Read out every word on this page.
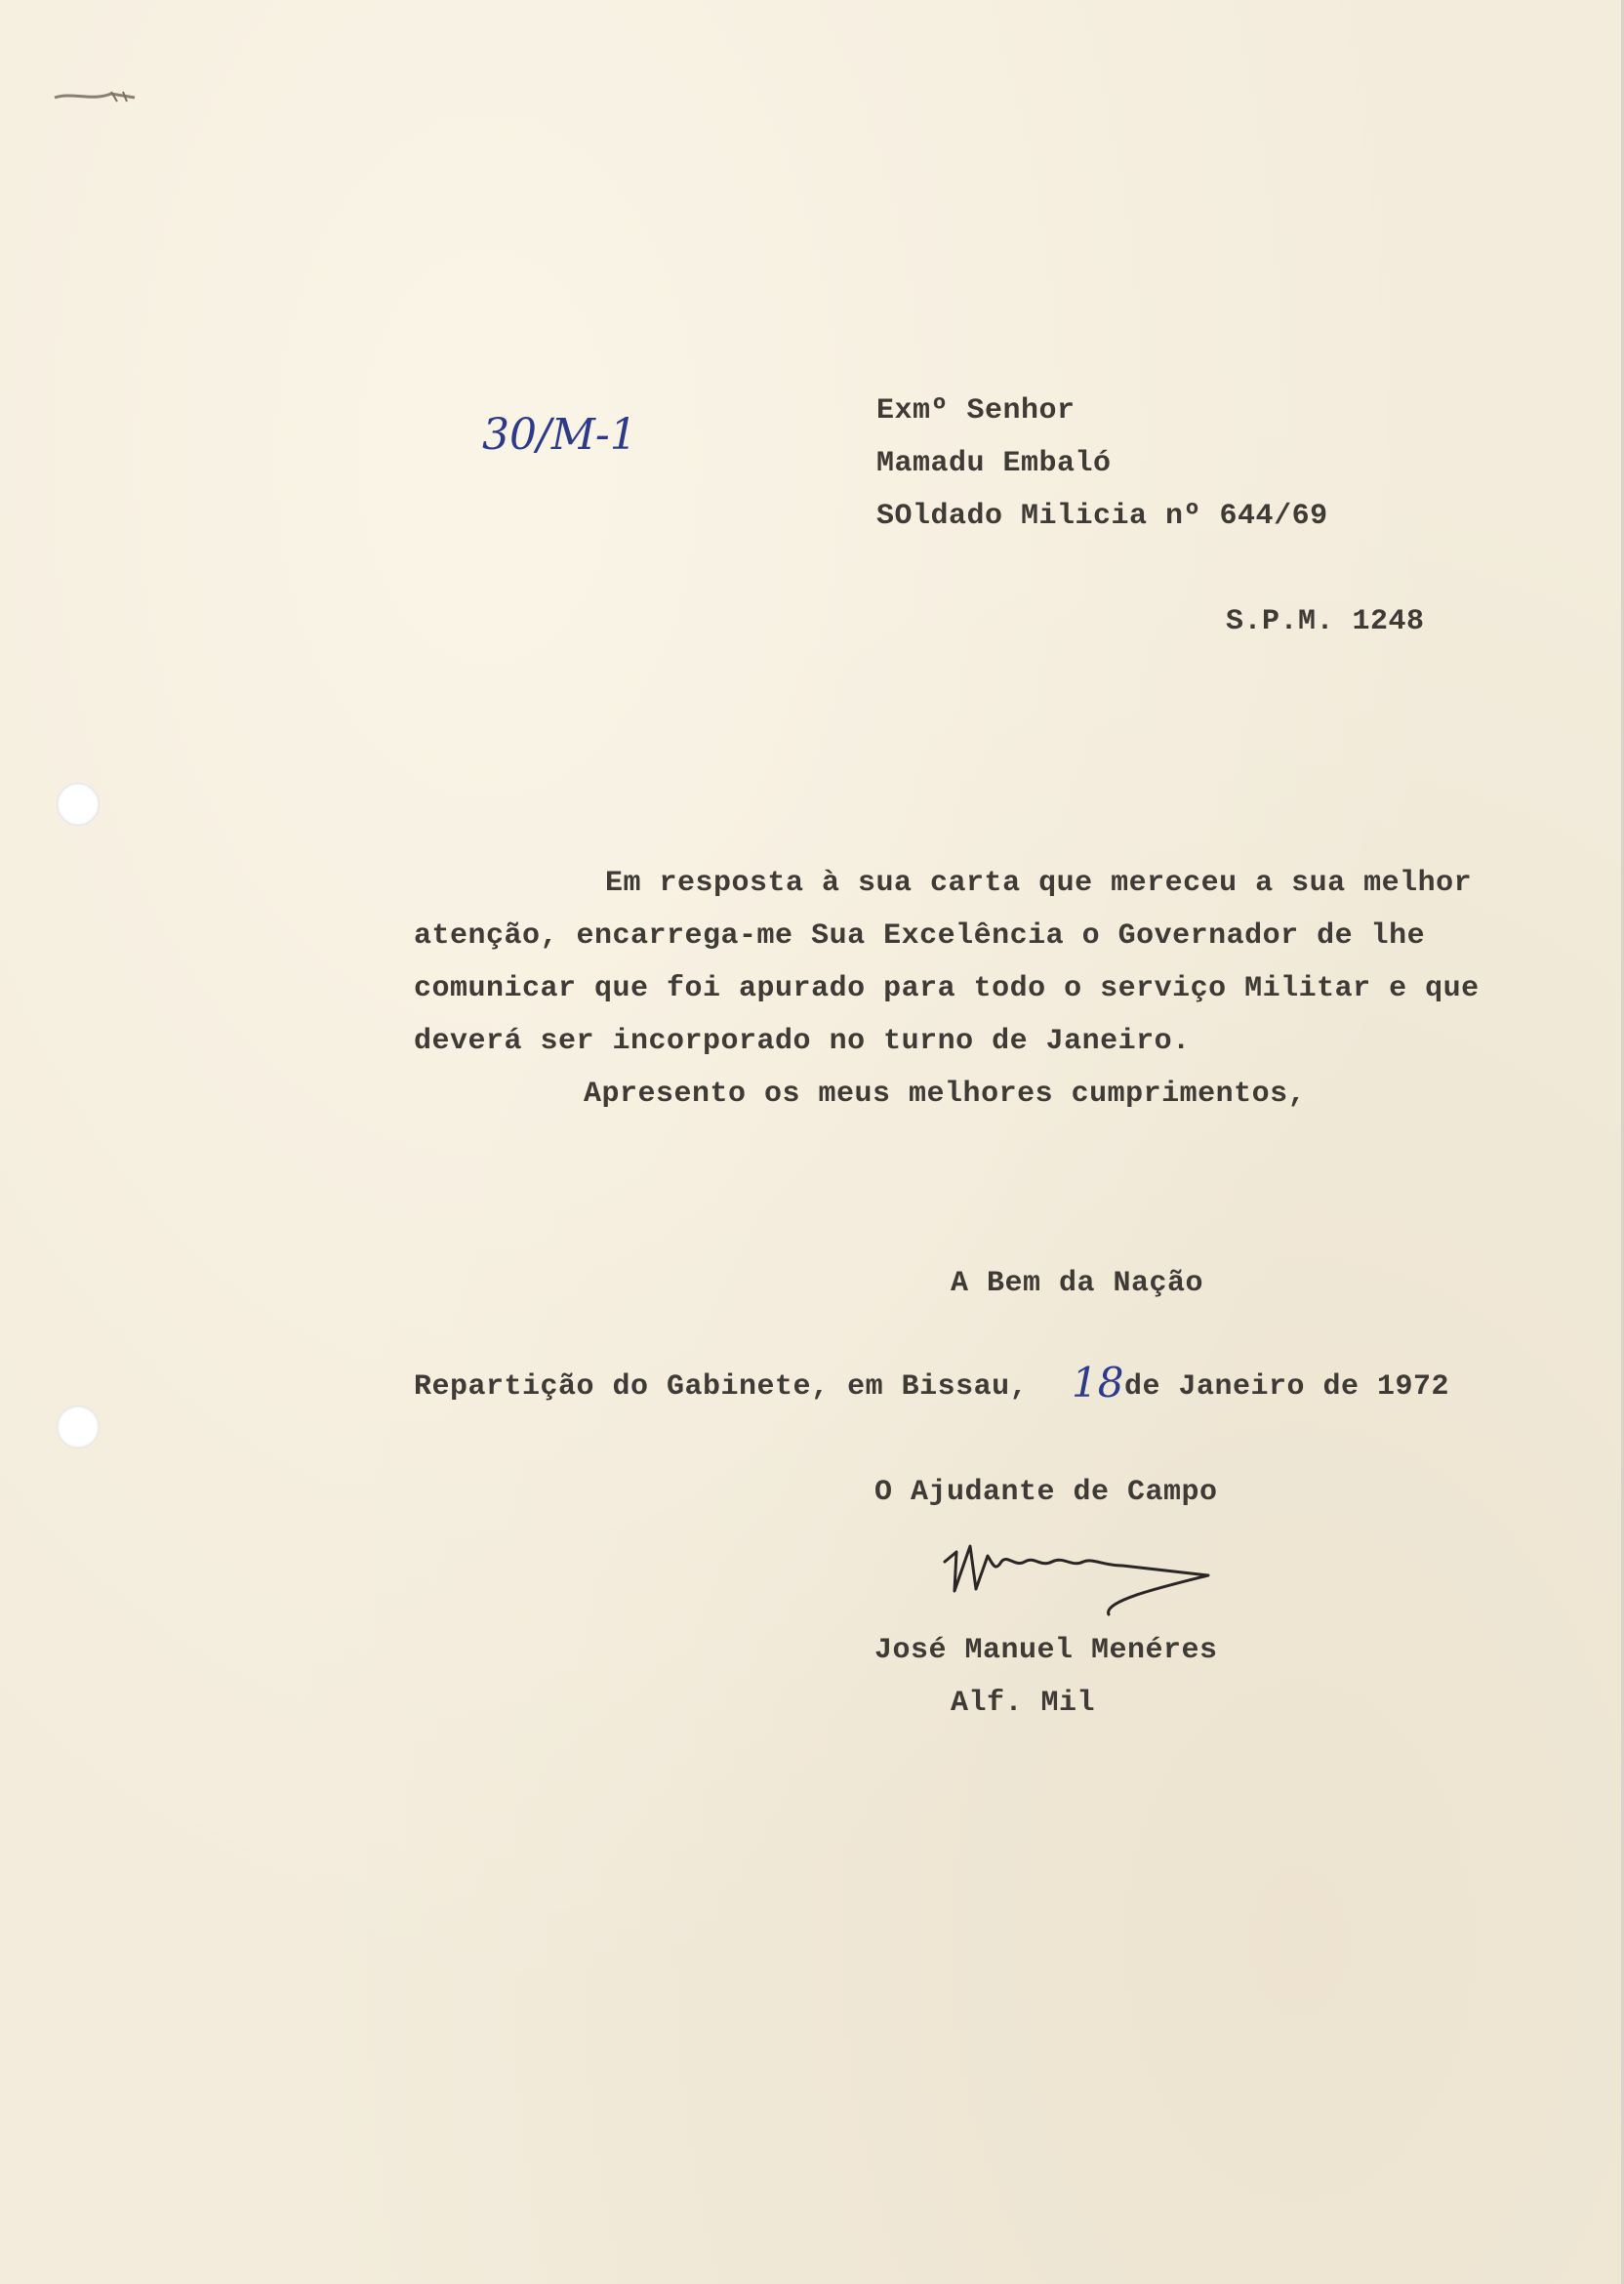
30/M-1	Exmº Senhor
Mamadu Embaló
SOldado Milicia nº 644/69
S.P.M. 1248
Em resposta à sua carta que mereceu a sua melhor
atenção, encarrega-me Sua Excelência o Governador de lhe
comunicar que foi apurado para todo o serviço Militar e que
deverá ser incorporado no turno de Janeiro.
Apresento os meus melhores cumprimentos,
A Bem da Nação
Repartição do Gabinete, em Bissau, 18 de Janeiro de 1972
O Ajudante de Campo
José Manuel Menéres
Alf. Mil
